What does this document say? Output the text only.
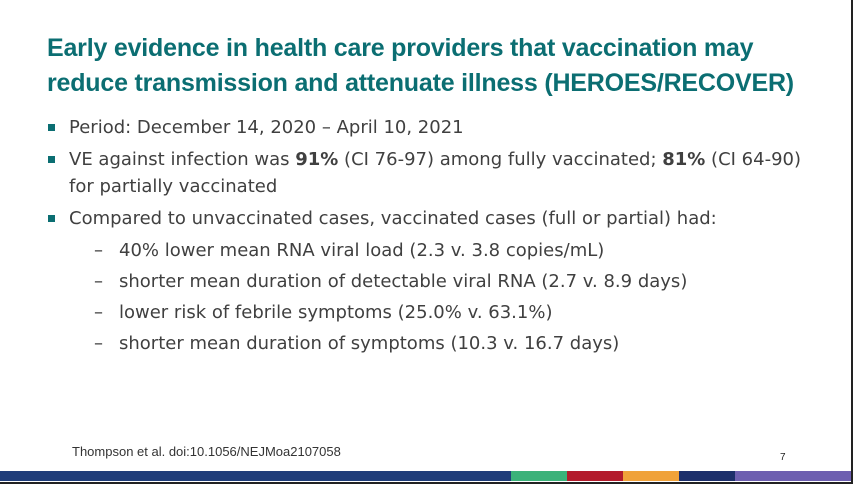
Early evidence in health care providers that vaccination may reduce transmission and attenuate illness (HEROES/RECOVER)
Period: December 14, 2020 – April 10, 2021
VE against infection was 91% (CI 76-97) among fully vaccinated; 81% (CI 64-90) for partially vaccinated
Compared to unvaccinated cases, vaccinated cases (full or partial) had:
– 40% lower mean RNA viral load (2.3 v. 3.8 copies/mL)
– shorter mean duration of detectable viral RNA (2.7 v. 8.9 days)
– lower risk of febrile symptoms (25.0% v. 63.1%)
– shorter mean duration of symptoms (10.3 v. 16.7 days)
Thompson et al. doi:10.1056/NEJMoa2107058	7
